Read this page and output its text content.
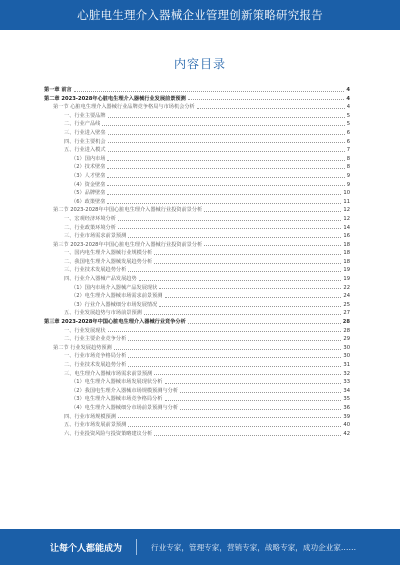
心脏电生理介入器械企业管理创新策略研究报告
内容目录
第一章 前言	4
第二章 2023-2028年心脏电生理介入器械行业发展前景预测	4
第一节 心脏电生理介入器械行业品牌竞争格局与市场机会分析	4
一、行业主要品牌	5
二、行业产品线	5
三、行业进入壁垒	6
四、行业主要机会	6
五、行业进入模式	7
（1）国内市场	8
（2）技术壁垒	8
（3）人才壁垒	9
（4）资金壁垒	9
（5）品牌壁垒	10
（6）政策壁垒	11
第二节 2023-2028年中国心脏电生理介入器械行业投资前景分析	12
一、宏观经济环境分析	12
二、行业政策环境分析	14
三、行业市场需求前景预测	16
第三节 2023-2028年中国心脏电生理介入器械行业投资前景分析	18
一、国内电生理介入器械行业规模分析	18
二、我国电生理介入器械发展趋势分析	18
三、行业技术发展趋势分析	19
四、行业介入器械产品发展趋势	19
（1）国内市场介入器械产品发展现状	22
（2）电生理介入器械市场需求前景预测	24
（3）行业介入器械细分市场发展情况	25
五、行业发展趋势与市场前景预测	27
第三章 2023-2028年中国心脏电生理介入器械行业竞争分析	28
一、行业发展现状	28
二、行业主要企业竞争分析	29
第二节 行业发展趋势预测	30
一、行业市场竞争格局分析	30
二、行业技术发展趋势分析	31
三、电生理介入器械市场需求前景预测	32
（1）电生理介入器械市场发展现状分析	33
（2）我国电生理介入器械市场规模预测与分析	34
（3）电生理介入器械市场竞争格局分析	35
（4）电生理介入器械细分市场前景预测与分析	36
四、行业市场规模预测	39
五、行业市场发展前景预测	40
六、行业投资风险与投资策略建议分析	42
让每个人都能成为	行业专家，管理专家，营销专家，战略专家，成功企业家……
